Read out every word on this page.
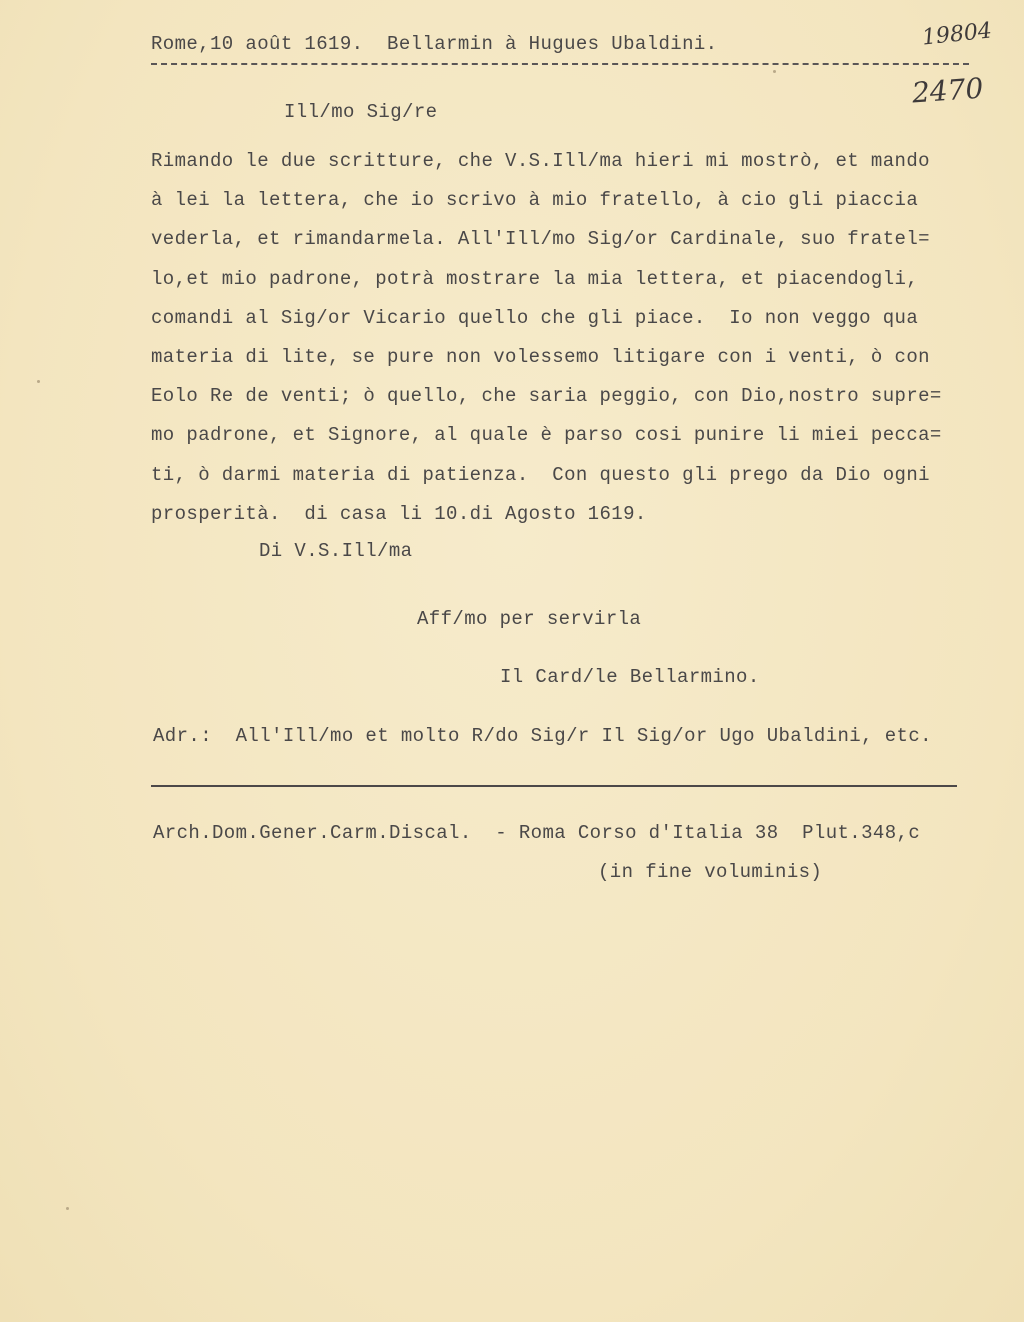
Rome,10 août 1619.  Bellarmin à Hugues Ubaldini.	19804
2470
Ill/mo Sig/re
Rimando le due scritture, che V.S.Ill/ma hieri mi mostrò, et mando
à lei la lettera, che io scrivo à mio fratello, à cio gli piaccia
vederla, et rimandarmela. All'Ill/mo Sig/or Cardinale, suo fratel=
lo,et mio padrone, potrà mostrare la mia lettera, et piacendogli,
comandi al Sig/or Vicario quello che gli piace.  Io non veggo qua
materia di lite, se pure non volessemo litigare con i venti, ò con
Eolo Re de venti; ò quello, che saria peggio, con Dio,nostro supre=
mo padrone, et Signore, al quale è parso cosi punire li miei pecca=
ti, ò darmi materia di patienza.  Con questo gli prego da Dio ogni
prosperità.  di casa li 10.di Agosto 1619.
Di V.S.Ill/ma
Aff/mo per servirla
Il Card/le Bellarmino.
Adr.:  All'Ill/mo et molto R/do Sig/r Il Sig/or Ugo Ubaldini, etc.
Arch.Dom.Gener.Carm.Discal.  - Roma Corso d'Italia 38  Plut.348,c
(in fine voluminis)
